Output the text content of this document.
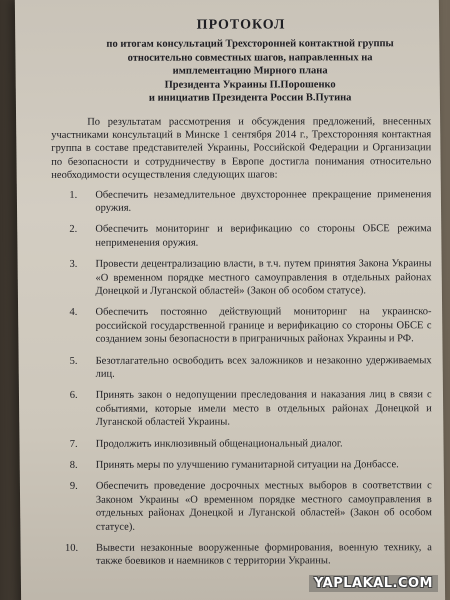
ПРОТОКОЛ
по итогам консультаций Трехсторонней контактной группы
относительно совместных шагов, направленных на
имплементацию Мирного плана
Президента Украины П.Порошенко
и инициатив Президента России В.Путина

По результатам рассмотрения и обсуждения предложений, внесенных участниками консультаций в Минске 1 сентября 2014 г., Трехсторонняя контактная группа в составе представителей Украины, Российской Федерации и Организации по безопасности и сотрудничеству в Европе достигла понимания относительно необходимости осуществления следующих шагов:

1. Обеспечить незамедлительное двухстороннее прекращение применения оружия.
2. Обеспечить мониторинг и верификацию со стороны ОБСЕ режима неприменения оружия.
3. Провести децентрализацию власти, в т.ч. путем принятия Закона Украины «О временном порядке местного самоуправления в отдельных районах Донецкой и Луганской областей» (Закон об особом статусе).
4. Обеспечить постоянно действующий мониторинг на украинско-российской государственной границе и верификацию со стороны ОБСЕ с созданием зоны безопасности в приграничных районах Украины и РФ.
5. Безотлагательно освободить всех заложников и незаконно удерживаемых лиц.
6. Принять закон о недопущении преследования и наказания лиц в связи с событиями, которые имели место в отдельных районах Донецкой и Луганской областей Украины.
7. Продолжить инклюзивный общенациональный диалог.
8. Принять меры по улучшению гуманитарной ситуации на Донбассе.
9. Обеспечить проведение досрочных местных выборов в соответствии с Законом Украины «О временном порядке местного самоуправления в отдельных районах Донецкой и Луганской областей» (Закон об особом статусе).
10. Вывести незаконные вооруженные формирования, военную технику, а также боевиков и наемников с территории Украины.
YAPLAKAL.COM
